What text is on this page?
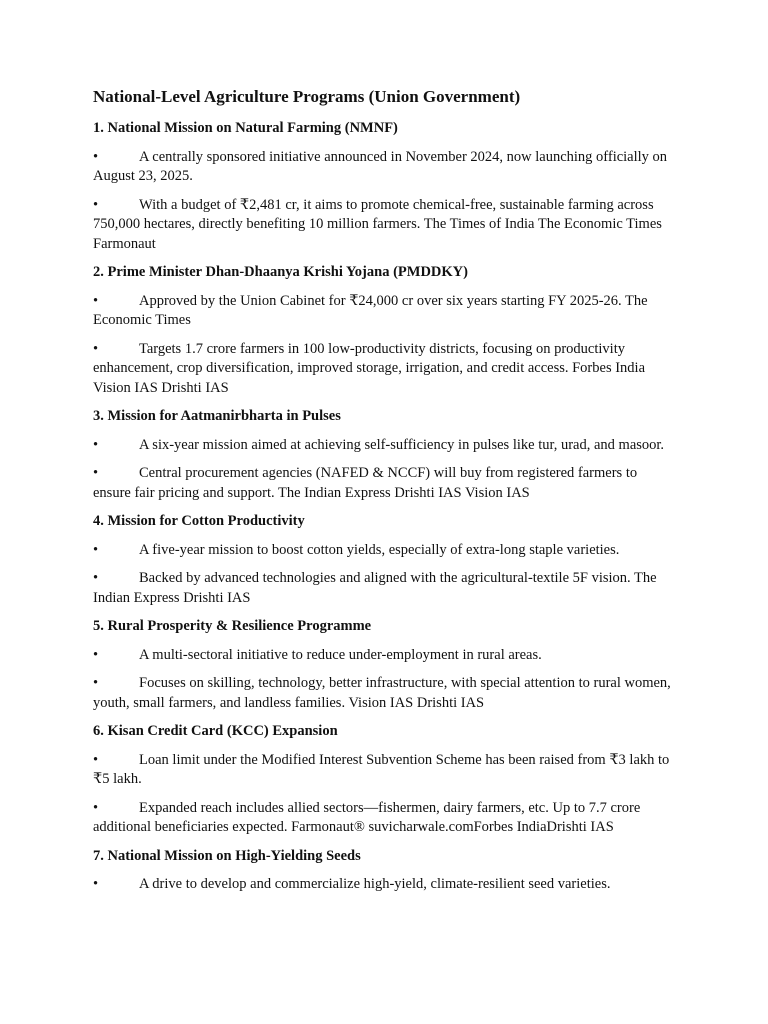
National-Level Agriculture Programs (Union Government)
1. National Mission on Natural Farming (NMNF)
•	A centrally sponsored initiative announced in November 2024, now launching officially on August 23, 2025.
•	With a budget of ₹2,481 cr, it aims to promote chemical-free, sustainable farming across 750,000 hectares, directly benefiting 10 million farmers. The Times of India The Economic Times Farmonaut
2. Prime Minister Dhan-Dhaanya Krishi Yojana (PMDDKY)
•	Approved by the Union Cabinet for ₹24,000 cr over six years starting FY 2025-26. The Economic Times
•	Targets 1.7 crore farmers in 100 low-productivity districts, focusing on productivity enhancement, crop diversification, improved storage, irrigation, and credit access. Forbes India Vision IAS Drishti IAS
3. Mission for Aatmanirbharta in Pulses
•	A six-year mission aimed at achieving self-sufficiency in pulses like tur, urad, and masoor.
•	Central procurement agencies (NAFED & NCCF) will buy from registered farmers to ensure fair pricing and support. The Indian Express Drishti IAS Vision IAS
4. Mission for Cotton Productivity
•	A five-year mission to boost cotton yields, especially of extra-long staple varieties.
•	Backed by advanced technologies and aligned with the agricultural-textile 5F vision. The Indian Express Drishti IAS
5. Rural Prosperity & Resilience Programme
•	A multi-sectoral initiative to reduce under-employment in rural areas.
•	Focuses on skilling, technology, better infrastructure, with special attention to rural women, youth, small farmers, and landless families. Vision IAS Drishti IAS
6. Kisan Credit Card (KCC) Expansion
•	Loan limit under the Modified Interest Subvention Scheme has been raised from ₹3 lakh to ₹5 lakh.
•	Expanded reach includes allied sectors—fishermen, dairy farmers, etc. Up to 7.7 crore additional beneficiaries expected. Farmonaut® suvicharwale.comForbes IndiaDrishti IAS
7. National Mission on High-Yielding Seeds
•	A drive to develop and commercialize high-yield, climate-resilient seed varieties.
